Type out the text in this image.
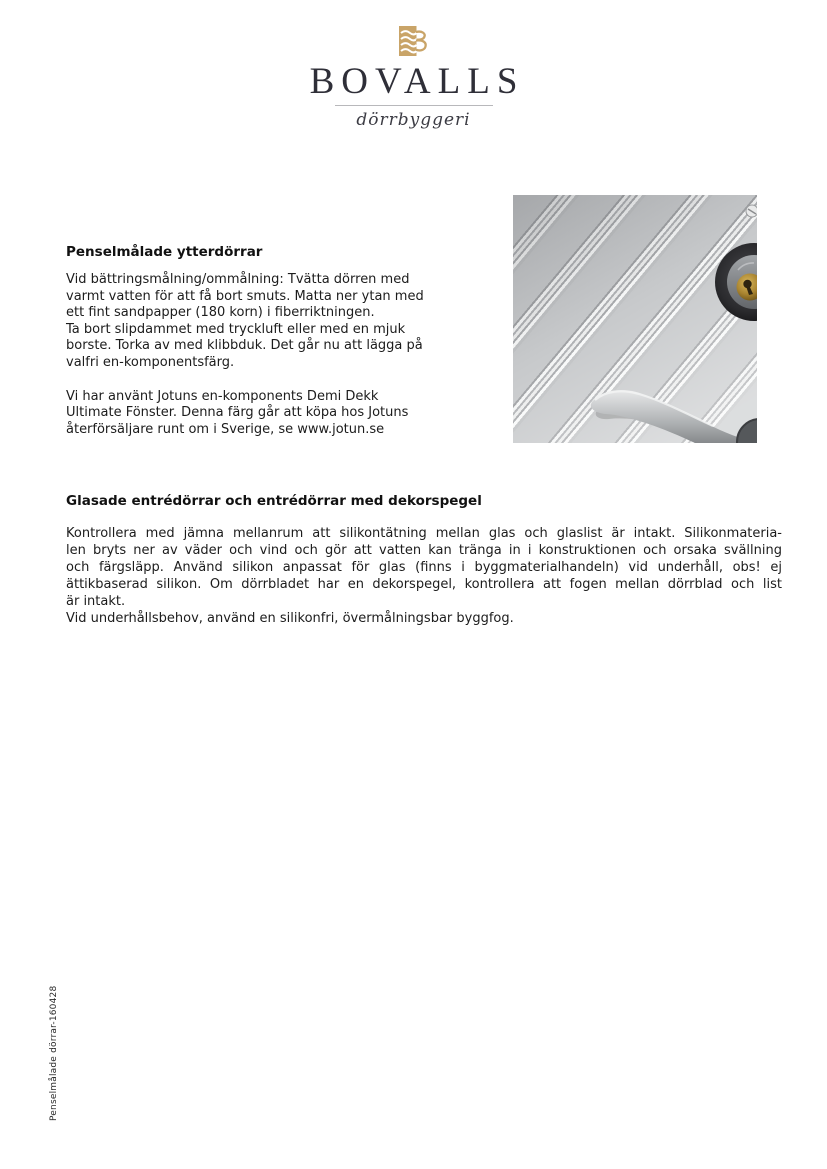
BOVALLS
dörrbyggeri
Penselmålade ytterdörrar
Vid bättringsmålning/ommålning: Tvätta dörren med
varmt vatten för att få bort smuts. Matta ner ytan med
ett fint sandpapper (180 korn) i fiberriktningen.
Ta bort slipdammet med tryckluft eller med en mjuk
borste. Torka av med klibbduk. Det går nu att lägga på
valfri en-komponentsfärg.
Vi har använt Jotuns en-komponents Demi Dekk
Ultimate Fönster. Denna färg går att köpa hos Jotuns
återförsäljare runt om i Sverige, se www.jotun.se
Glasade entrédörrar och entrédörrar med dekorspegel
Kontrollera med jämna mellanrum att silikontätning mellan glas och glaslist är intakt. Silikonmateria-
len bryts ner av väder och vind och gör att vatten kan tränga in i konstruktionen och orsaka svällning
och färgsläpp. Använd silikon anpassat för glas (finns i byggmaterialhandeln) vid underhåll, obs! ej
ättikbaserad silikon. Om dörrbladet har en dekorspegel, kontrollera att fogen mellan dörrblad och list
är intakt.
Vid underhållsbehov, använd en silikonfri, övermålningsbar byggfog.
Penselmålade dörrar-160428
